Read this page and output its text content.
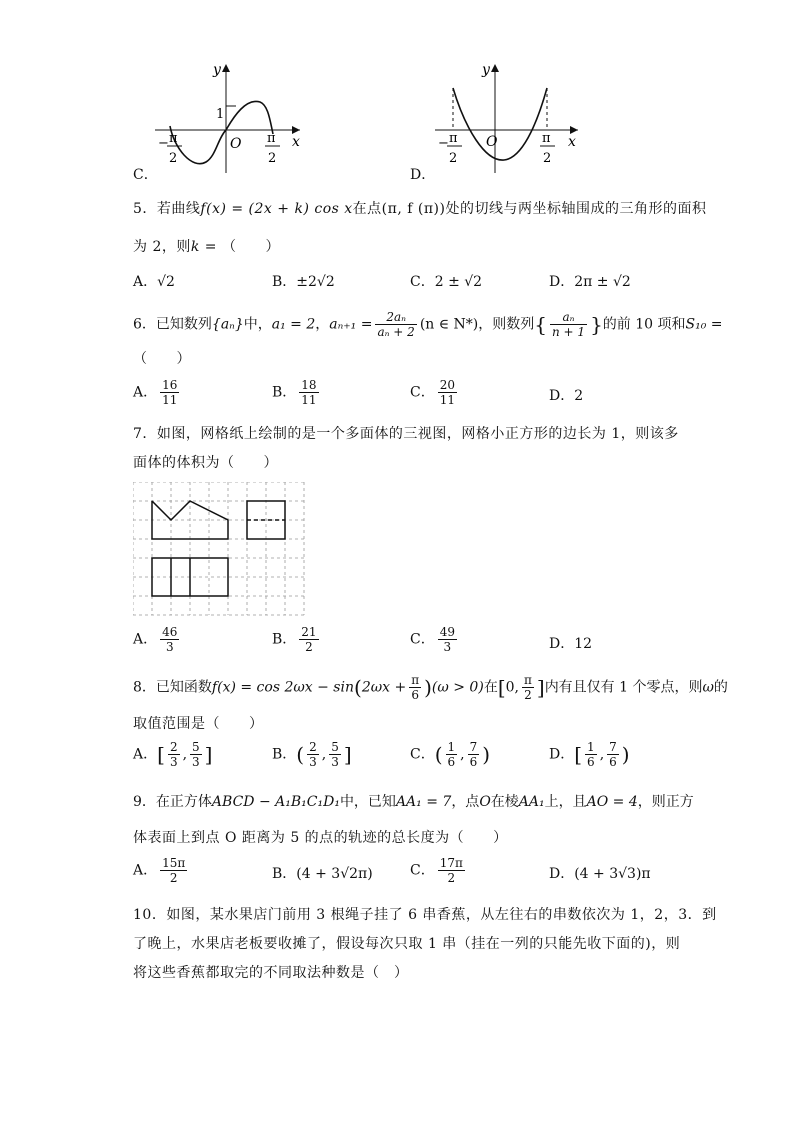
x
y
O
1
− π
2
π
2
C．
x
y
O
− π
2
π
2
D．
5．若曲线f(x) = (2x + k) cos x在点(π, f (π))处的切线与两坐标轴围成的三角形的面积
为 2，则k = （　　）
A．√2	B．±2√2	C．2 ± √2	D．2π ± √2
6．已知数列{aₙ}中，a₁ = 2，$a_{n+1} = \frac{\text{2aₙ}}{\text{aₙ + 2}} (n$ ∈ N*)，则数列{ $\frac{\text{aₙ}}{n + 1}$ }的前 10 项和S₁₀ =
（　　）
A． $\frac{16}{11}$	B． $\frac{18}{11}$	C． $\frac{20}{11}$	D．2
7．如图，网格纸上绘制的是一个多面体的三视图，网格小正方形的边长为 1，则该多
面体的体积为（　　）
A． $\frac{46}{3}$	B． $\frac{21}{2}$	C． $\frac{49}{3}$	D．12
8．已知函数$f(x) = \cos 2\omega x - \sin(2\omega x + \frac{\pi}{6} )(\omega > 0)$在[0, $\frac{\pi}{2}$ ]内有且仅有 1 个零点，则ω的
取值范围是（　　）
A．[ $\frac{2}{3}$ , $\frac{5}{3}$ ]	B．( $\frac{2}{3}$ , $\frac{5}{3}$ ]	C．( $\frac{1}{6}$ , $\frac{7}{6}$ )	D．[ $\frac{1}{6}$ , $\frac{7}{6}$ )
9．在正方体ABCD − A₁B₁C₁D₁中，已知AA₁ = 7，点O在棱AA₁上，且AO = 4，则正方
体表面上到点 O 距离为 5 的点的轨迹的总长度为（　　）
A． $\frac{15\pi}{2}$	B．(4 + 3√2π)	C． $\frac{17\pi}{2}$	D．(4 + 3√3)π
10．如图，某水果店门前用 3 根绳子挂了 6 串香蕉，从左往右的串数依次为 1，2，3．到
了晚上，水果店老板要收摊了，假设每次只取 1 串（挂在一列的只能先收下面的)，则
将这些香蕉都取完的不同取法种数是（　）
